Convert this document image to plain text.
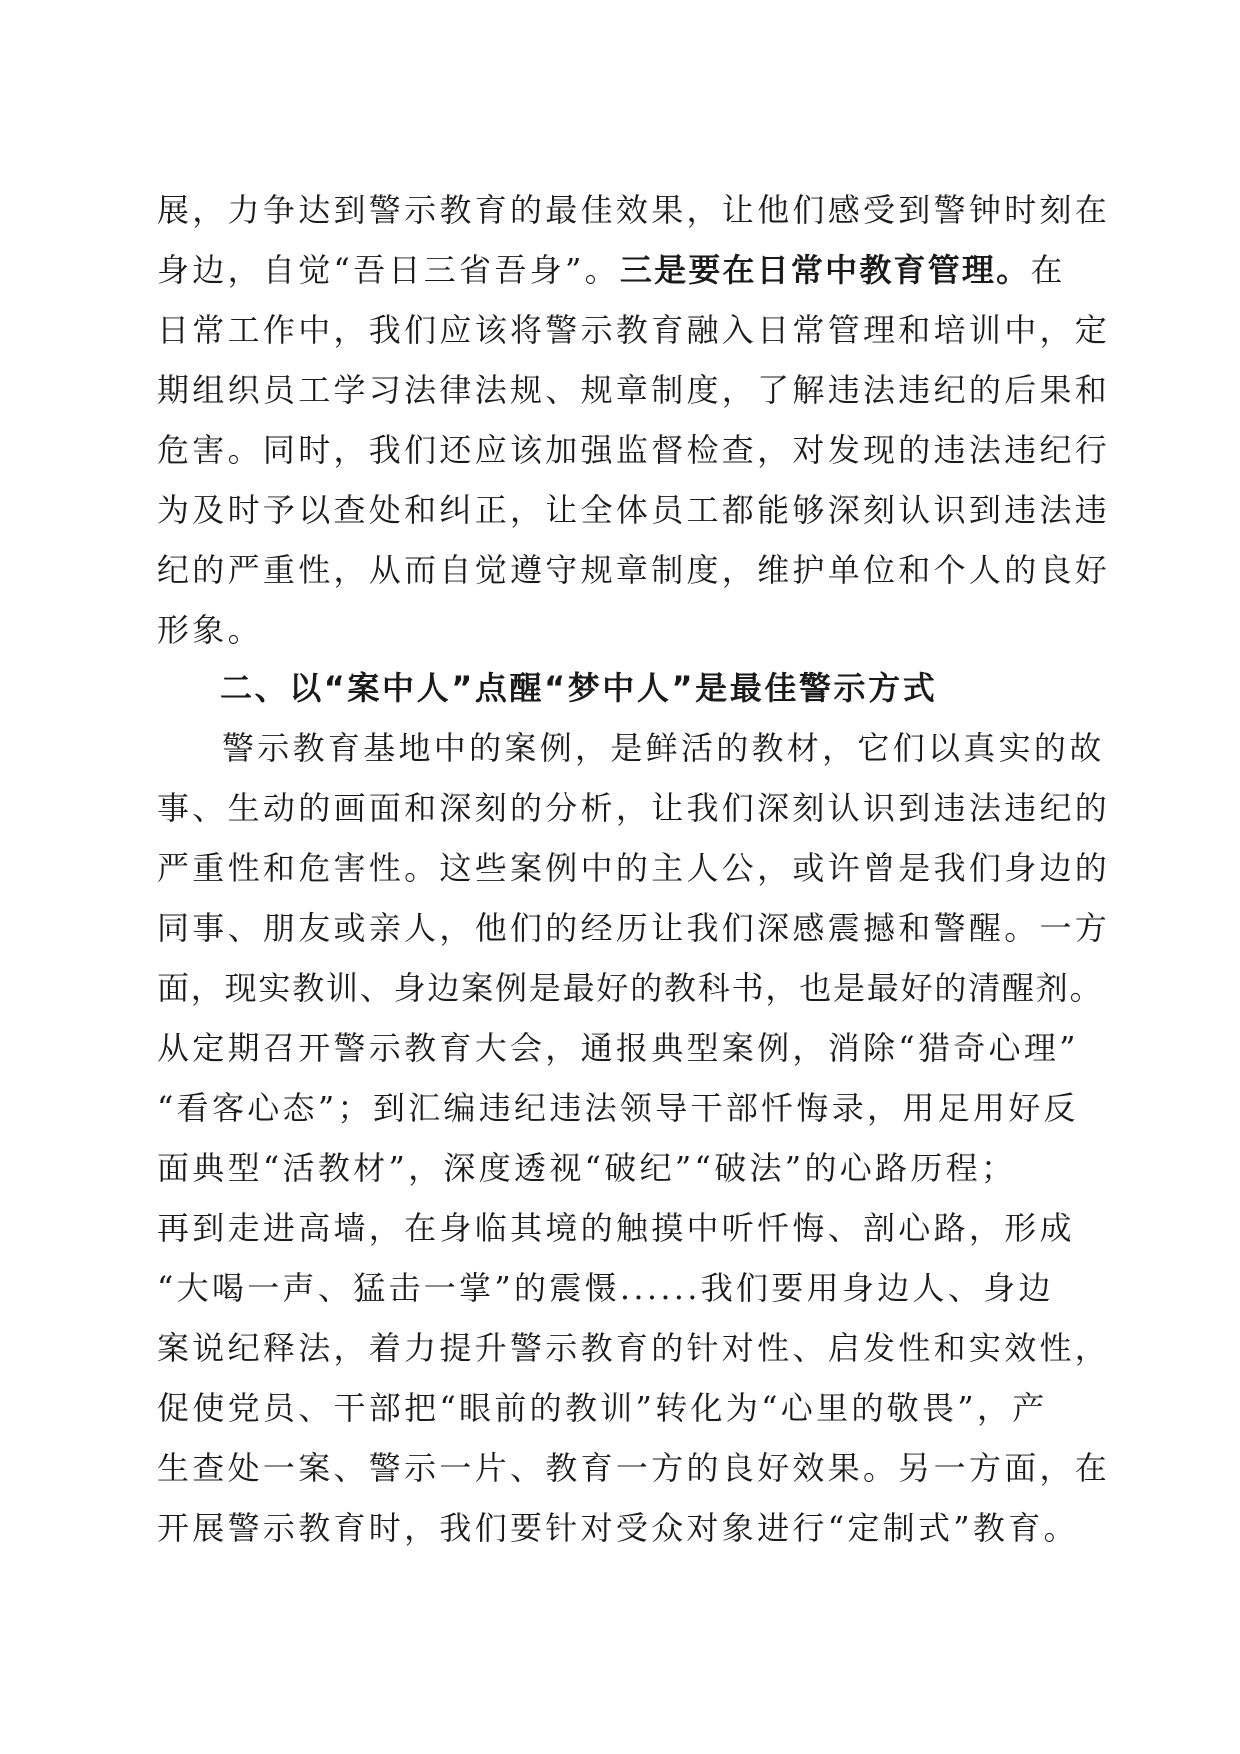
展，力争达到警示教育的最佳效果，让他们感受到警钟时刻在
身边，自觉“吾日三省吾身”。三是要在日常中教育管理。在
日常工作中，我们应该将警示教育融入日常管理和培训中，定
期组织员工学习法律法规、规章制度，了解违法违纪的后果和
危害。同时，我们还应该加强监督检查，对发现的违法违纪行
为及时予以查处和纠正，让全体员工都能够深刻认识到违法违
纪的严重性，从而自觉遵守规章制度，维护单位和个人的良好
形象。
二、以“案中人”点醒“梦中人”是最佳警示方式
警示教育基地中的案例，是鲜活的教材，它们以真实的故
事、生动的画面和深刻的分析，让我们深刻认识到违法违纪的
严重性和危害性。这些案例中的主人公，或许曾是我们身边的
同事、朋友或亲人，他们的经历让我们深感震撼和警醒。一方
面，现实教训、身边案例是最好的教科书，也是最好的清醒剂。
从定期召开警示教育大会，通报典型案例，消除“猎奇心理”
“看客心态”；到汇编违纪违法领导干部忏悔录，用足用好反
面典型“活教材”，深度透视“破纪”“破法”的心路历程；
再到走进高墙，在身临其境的触摸中听忏悔、剖心路，形成
“大喝一声、猛击一掌”的震慑......我们要用身边人、身边
案说纪释法，着力提升警示教育的针对性、启发性和实效性，
促使党员、干部把“眼前的教训”转化为“心里的敬畏”，产
生查处一案、警示一片、教育一方的良好效果。另一方面，在
开展警示教育时，我们要针对受众对象进行“定制式”教育。
